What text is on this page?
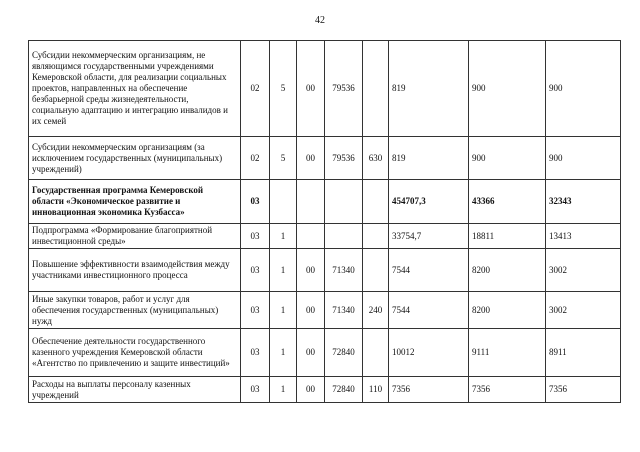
42
Субсидии некоммерческим организациям, не являющимся государственными учреждениями Кемеровской области, для реализации социальных проектов, направленных на обеспечение безбарьерной среды жизнедеятельности, социальную адаптацию и интеграцию инвалидов и их семей	02	5	00	79536		819	900	900
Субсидии некоммерческим организациям (за исключением государственных (муниципальных) учреждений)	02	5	00	79536	630	819	900	900
Государственная программа Кемеровской области «Экономическое развитие и инновационная экономика Кузбасса»	03					454707,3	43366	32343
Подпрограмма «Формирование благоприятной инвестиционной среды»	03	1				33754,7	18811	13413
Повышение эффективности взаимодействия между участниками инвестиционного процесса	03	1	00	71340		7544	8200	3002
Иные закупки товаров, работ и услуг для обеспечения государственных (муниципальных) нужд	03	1	00	71340	240	7544	8200	3002
Обеспечение деятельности государственного казенного учреждения Кемеровской области «Агентство по привлечению и защите инвестиций»	03	1	00	72840		10012	9111	8911
Расходы на выплаты персоналу казенных учреждений	03	1	00	72840	110	7356	7356	7356
